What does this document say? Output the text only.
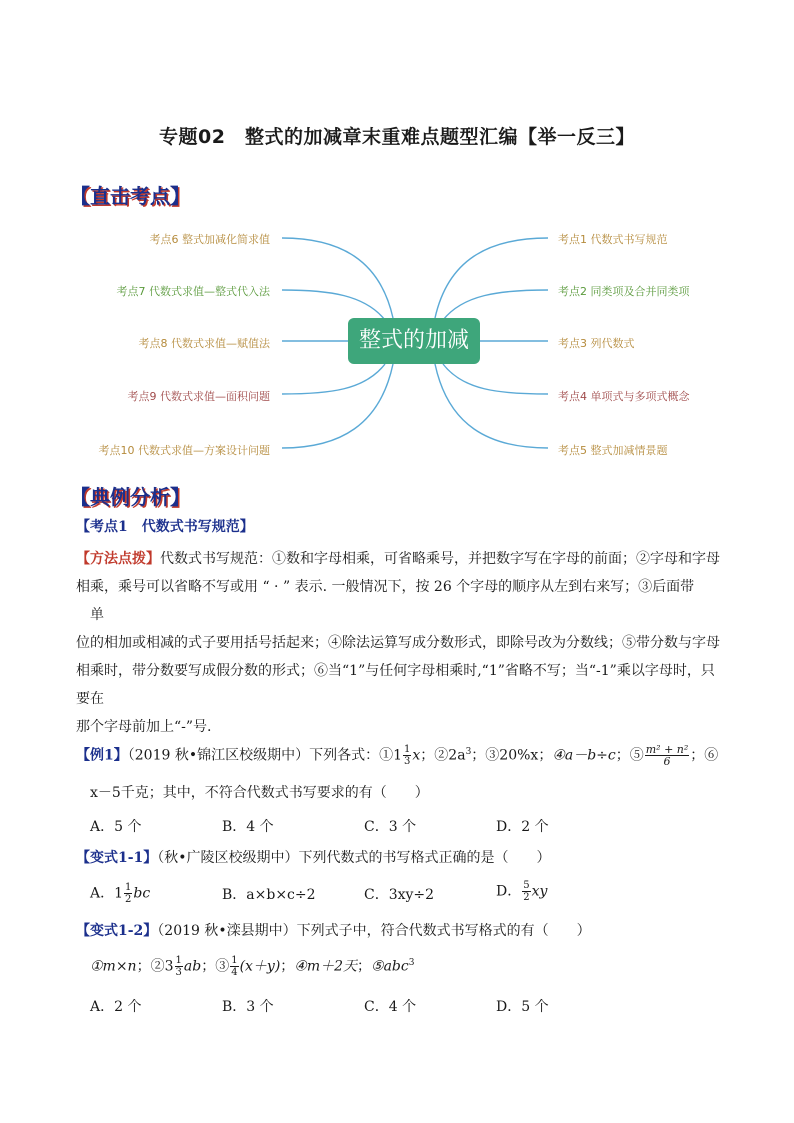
专题02　整式的加减章末重难点题型汇编【举一反三】
【直击考点】
整式的加减
考点6 整式加减化简求值
考点7 代数式求值—整式代入法
考点8 代数式求值—赋值法
考点9 代数式求值—面积问题
考点10 代数式求值—方案设计问题
考点1 代数式书写规范
考点2 同类项及合并同类项
考点3 列代数式
考点4 单项式与多项式概念
考点5 整式加减情景题
【典例分析】
【考点1　代数式书写规范】
【方法点拨】代数式书写规范：①数和字母相乘，可省略乘号，并把数字写在字母的前面；②字母和字母
相乘，乘号可以省略不写或用 “ · ” 表示. 一般情况下，按 26 个字母的顺序从左到右来写；③后面带
单
位的相加或相减的式子要用括号括起来；④除法运算写成分数形式，即除号改为分数线；⑤带分数与字母
相乘时，带分数要写成假分数的形式；⑥当“1”与任何字母相乘时,“1”省略不写；当“-1”乘以字母时，只要在
那个字母前加上“-”号.
【例1】（2019 秋•锦江区校级期中）下列各式：①1 $\frac{1}{3}$ x；$②2a^3$；③20%x；④a－b÷c；⑤ $\frac{\text{m² + n²}}{6}$ ；⑥
x－5千克；其中，不符合代数式书写要求的有（　　）
A．5 个	B．4 个	C．3 个	D．2 个
【变式1-1】（秋•广陵区校级期中）下列代数式的书写格式正确的是（　　）
A．$1 \frac{1}{2}$ bc	B．a×b×c÷2	C．3xy÷2	D． $\frac{5}{2}$ xy
【变式1-2】（2019 秋•滦县期中）下列式子中，符合代数式书写格式的有（　　）
①m×n；②3 $\frac{1}{3}$ ab；③ $\frac{1}{4} (x+y)$；④m＋2天；⑤abc$^3$
A．2 个	B．3 个	C．4 个	D．5 个
